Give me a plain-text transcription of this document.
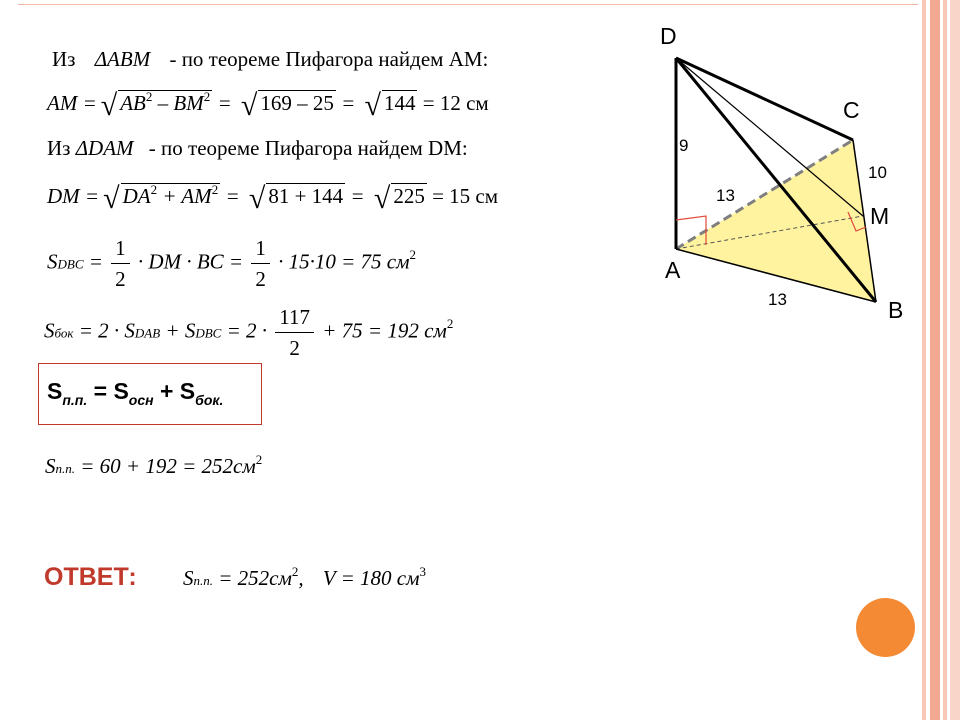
Из ΔABM - по теореме Пифагора найдем AM:
AM = √ $AB^2 - BM^2$ = √ 169 – 25 = √ 144 = 12 см
Из ΔDAM - по теореме Пифагора найдем DM:
DM = √ $DA^2 + AM^2$ = √ 81 + 144 = √ 225 = 15 см
SDBC = $\frac{1}{2}$ · DM · BC = $\frac{1}{2} \cdot 15\cdot 10 = 75$ $см^2$
Sбок = 2 · SDAB + SDBC = $2 \cdot \frac{117}{2} + 75 = 192$ $см^2$
$S_{п.п.} = S_{осн} + S_{бок.}$
Sп.п. = $60 + 192 = 252см^2$
ОТВЕТ: Sп.п. = $252см^2$, V = 180 $см^3$
D
C
M
A
B
9
13
13
10
